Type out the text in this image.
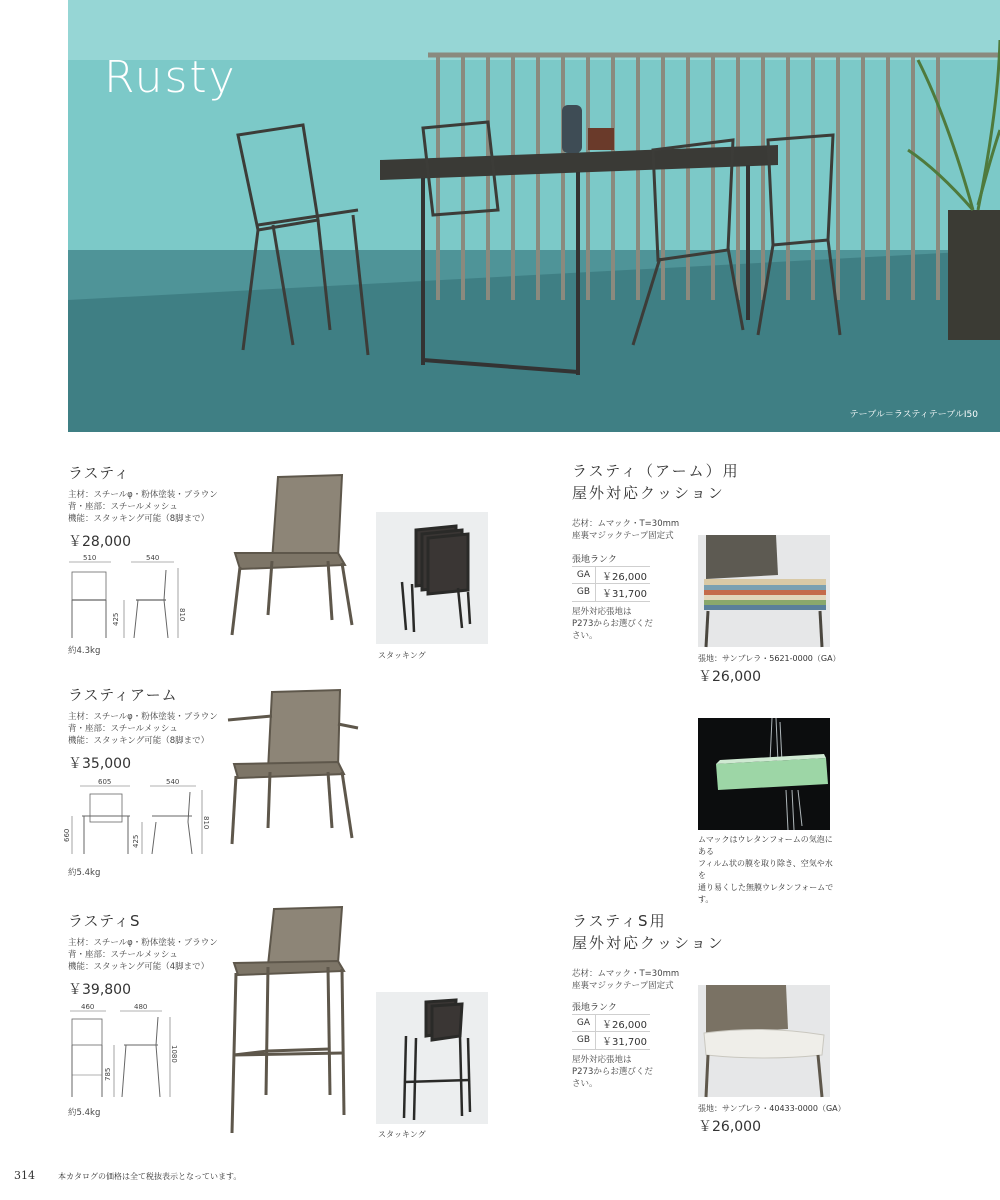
Rusty
テーブル＝ラスティテーブルI50
ラスティ
主材：スチールφ・粉体塗装・ブラウン
背・座部：スチールメッシュ
機能：スタッキング可能（8脚まで）
￥28,000
510	540
810
425
約4.3kg	スタッキング
ラスティアーム
主材：スチールφ・粉体塗装・ブラウン
背・座部：スチールメッシュ
機能：スタッキング可能（8脚まで）
￥35,000
605
660
540
810
425
約5.4kg
ラスティS
主材：スチールφ・粉体塗装・ブラウン
背・座部：スチールメッシュ
機能：スタッキング可能（4脚まで）
￥39,800
460	480
1080
785
約5.4kg
スタッキング
ラスティ（アーム）用
屋外対応クッション
芯材：ムマック・T=30mm
座裏マジックテープ固定式
張地ランク
GA	￥26,000
GB	￥31,700
屋外対応張地は
P273からお選びくだ
さい。
張地：サンブレラ・5621-0000（GA）
￥26,000
ムマックはウレタンフォームの気泡にある
フィルム状の膜を取り除き、空気や水を
通り易くした無膜ウレタンフォームです。
ラスティS用
屋外対応クッション
芯材：ムマック・T=30mm
座裏マジックテープ固定式
張地ランク
GA	￥26,000
GB	￥31,700
屋外対応張地は
P273からお選びくだ
さい。
張地：サンブレラ・40433-0000（GA）
￥26,000
314	本カタログの価格は全て税抜表示となっています。
